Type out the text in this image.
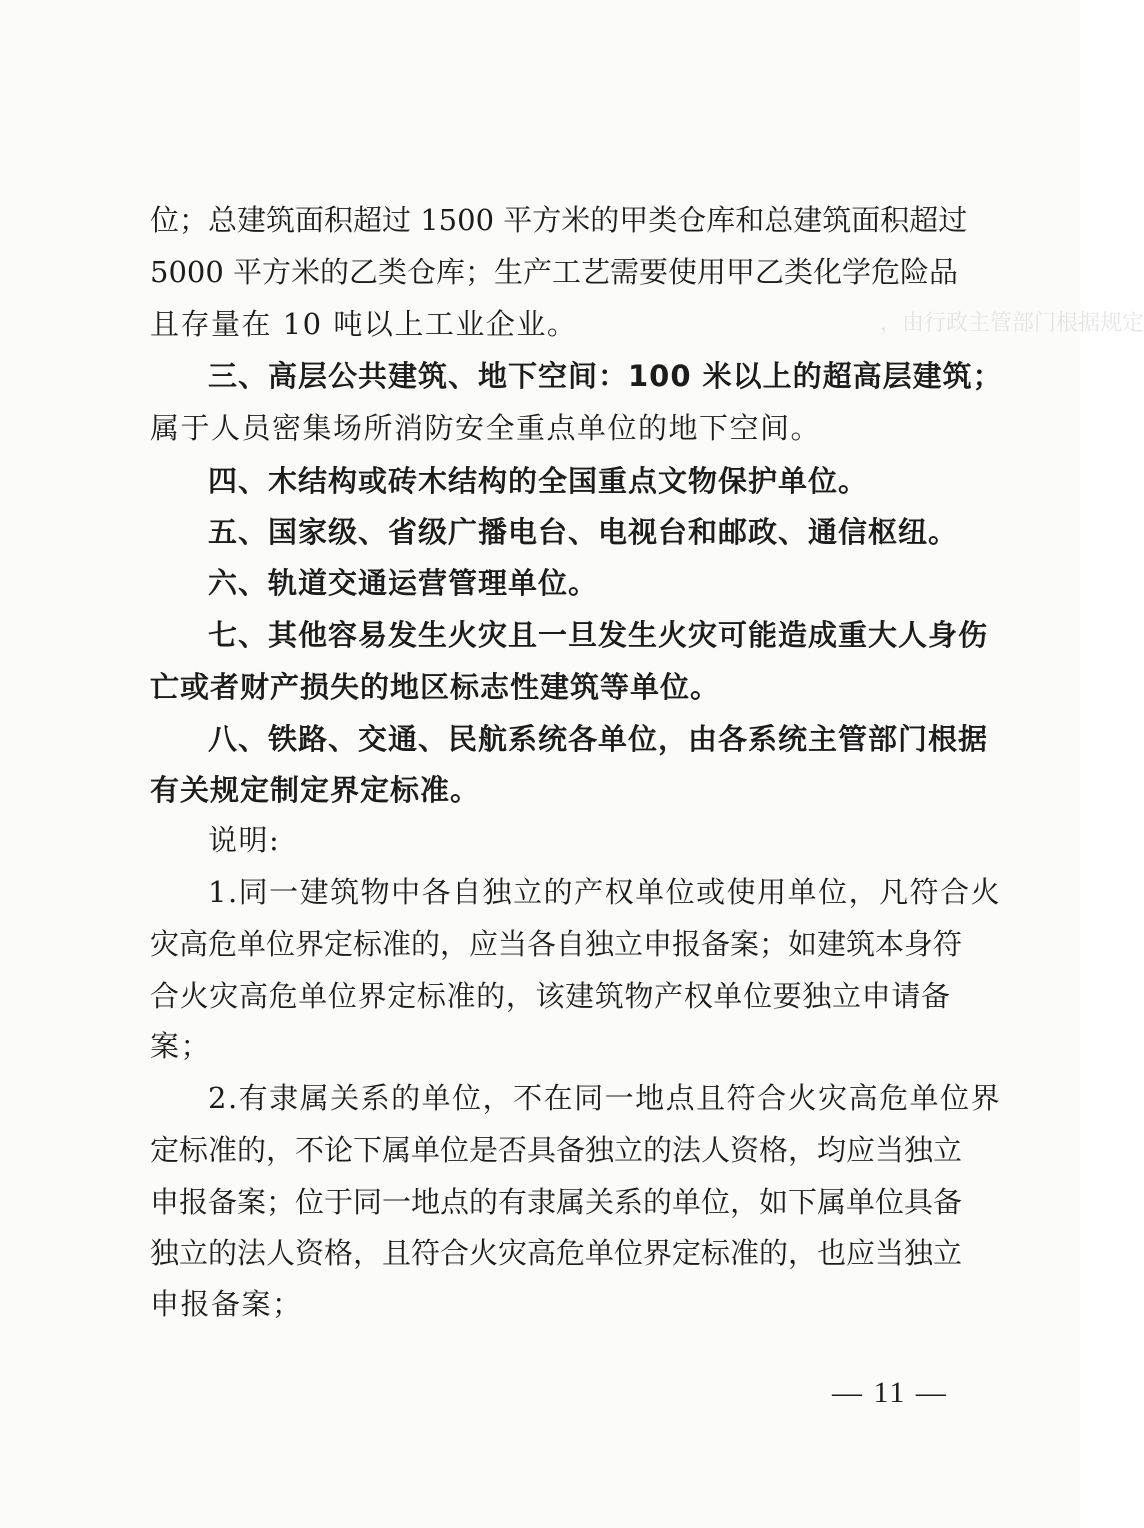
，由行政主管部门根据规定
位；总建筑面积超过 1500 平方米的甲类仓库和总建筑面积超过
5000 平方米的乙类仓库；生产工艺需要使用甲乙类化学危险品
且存量在 10 吨以上工业企业。
三、高层公共建筑、地下空间：100 米以上的超高层建筑；
属于人员密集场所消防安全重点单位的地下空间。
四、木结构或砖木结构的全国重点文物保护单位。
五、国家级、省级广播电台、电视台和邮政、通信枢纽。
六、轨道交通运营管理单位。
七、其他容易发生火灾且一旦发生火灾可能造成重大人身伤
亡或者财产损失的地区标志性建筑等单位。
八、铁路、交通、民航系统各单位，由各系统主管部门根据
有关规定制定界定标准。
说明:
1.同一建筑物中各自独立的产权单位或使用单位，凡符合火
灾高危单位界定标准的，应当各自独立申报备案；如建筑本身符
合火灾高危单位界定标准的，该建筑物产权单位要独立申请备
案；
2.有隶属关系的单位，不在同一地点且符合火灾高危单位界
定标准的，不论下属单位是否具备独立的法人资格，均应当独立
申报备案；位于同一地点的有隶属关系的单位，如下属单位具备
独立的法人资格，且符合火灾高危单位界定标准的，也应当独立
申报备案；
— 11 —
